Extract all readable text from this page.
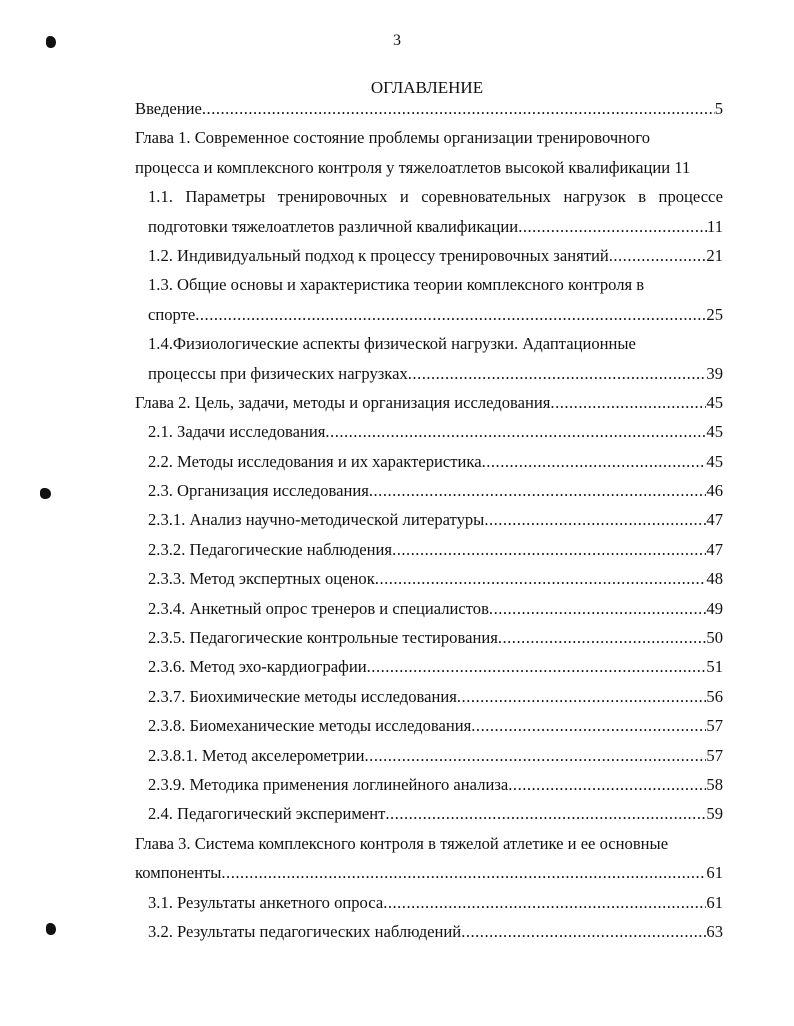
3
ОГЛАВЛЕНИЕ
Введение .....	5
Глава 1. Современное состояние проблемы организации тренировочного
процесса и комплексного контроля у тяжелоатлетов высокой квалификации
11
1.1. Параметры тренировочных и соревновательных нагрузок в процессе
подготовки тяжелоатлетов различной квалификации .....	11
1.2. Индивидуальный подход к процессу тренировочных занятий .....	21
1.3. Общие основы и характеристика теории комплексного контроля в
спорте .....	25
1.4.Физиологические аспекты физической нагрузки. Адаптационные
процессы при физических нагрузках .....	39
Глава 2. Цель, задачи, методы и организация исследования .....	45
2.1. Задачи исследования .....	45
2.2. Методы исследования и их характеристика .....	45
2.3. Организация исследования .....	46
2.3.1. Анализ научно-методической литературы .....	47
2.3.2. Педагогические наблюдения .....	47
2.3.3. Метод экспертных оценок .....	48
2.3.4. Анкетный опрос тренеров и специалистов .....	49
2.3.5. Педагогические контрольные тестирования .....	50
2.3.6. Метод эхо-кардиографии .....	51
2.3.7. Биохимические методы исследования .....	56
2.3.8. Биомеханические методы исследования .....	57
2.3.8.1. Метод акселерометрии .....	57
2.3.9. Методика применения логлинейного анализа .....	58
2.4. Педагогический эксперимент .....	59
Глава 3. Система комплексного контроля в тяжелой атлетике и ее основные
компоненты .....	61
3.1. Результаты анкетного опроса .....	61
3.2. Результаты педагогических наблюдений .....	63
